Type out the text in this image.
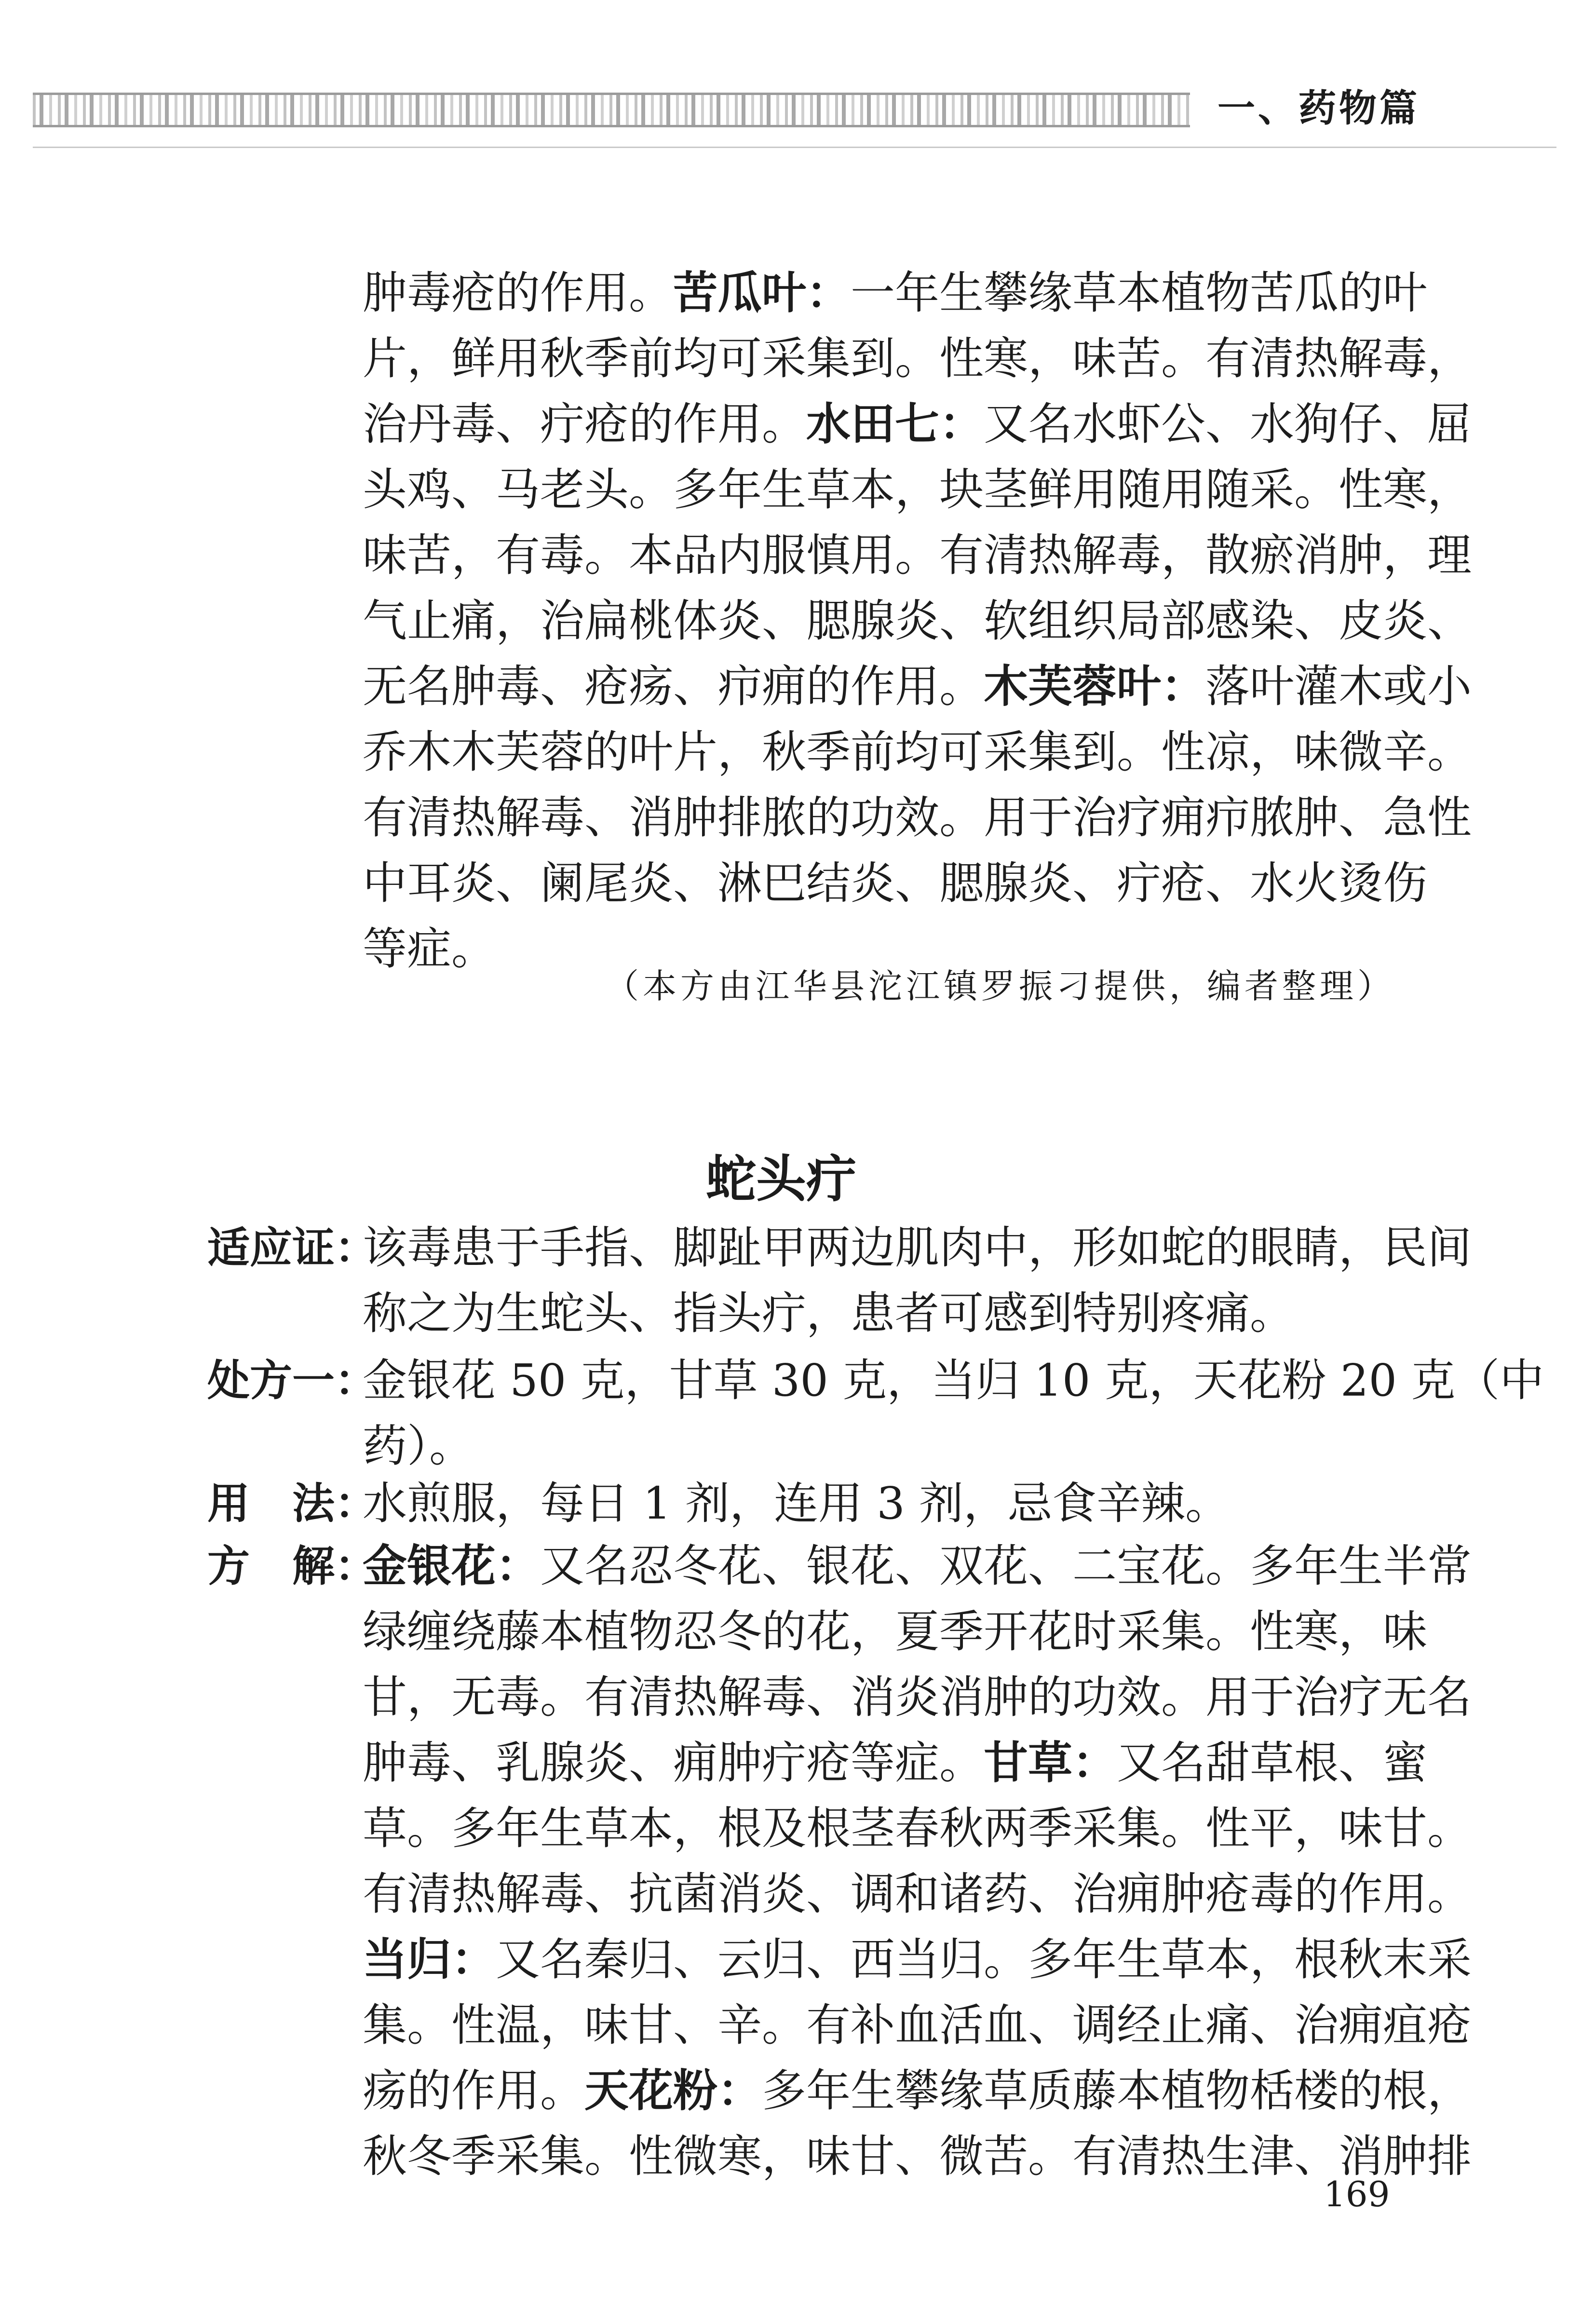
一、药物篇
肿毒疮的作用。苦瓜叶：一年生攀缘草本植物苦瓜的叶
片，鲜用秋季前均可采集到。性寒，味苦。有清热解毒，
治丹毒、疔疮的作用。水田七：又名水虾公、水狗仔、屈
头鸡、马老头。多年生草本，块茎鲜用随用随采。性寒，
味苦，有毒。本品内服慎用。有清热解毒，散瘀消肿，理
气止痛，治扁桃体炎、腮腺炎、软组织局部感染、皮炎、
无名肿毒、疮疡、疖痈的作用。木芙蓉叶：落叶灌木或小
乔木木芙蓉的叶片，秋季前均可采集到。性凉，味微辛。
有清热解毒、消肿排脓的功效。用于治疗痈疖脓肿、急性
中耳炎、阑尾炎、淋巴结炎、腮腺炎、疔疮、水火烫伤
等症。
（本方由江华县沱江镇罗振刁提供，编者整理）
蛇头疔
适应证：
该毒患于手指、脚趾甲两边肌肉中，形如蛇的眼睛，民间
称之为生蛇头、指头疔，患者可感到特别疼痛。
处方一：
金银花 50 克，甘草 30 克，当归 10 克，天花粉 20 克（中
药）。
用　法：
水煎服，每日 1 剂，连用 3 剂，忌食辛辣。
方　解：
金银花：又名忍冬花、银花、双花、二宝花。多年生半常
绿缠绕藤本植物忍冬的花，夏季开花时采集。性寒，味
甘，无毒。有清热解毒、消炎消肿的功效。用于治疗无名
肿毒、乳腺炎、痈肿疔疮等症。甘草：又名甜草根、蜜
草。多年生草本，根及根茎春秋两季采集。性平，味甘。
有清热解毒、抗菌消炎、调和诸药、治痈肿疮毒的作用。
当归：又名秦归、云归、西当归。多年生草本，根秋末采
集。性温，味甘、辛。有补血活血、调经止痛、治痈疽疮
疡的作用。天花粉：多年生攀缘草质藤本植物栝楼的根，
秋冬季采集。性微寒，味甘、微苦。有清热生津、消肿排
169
